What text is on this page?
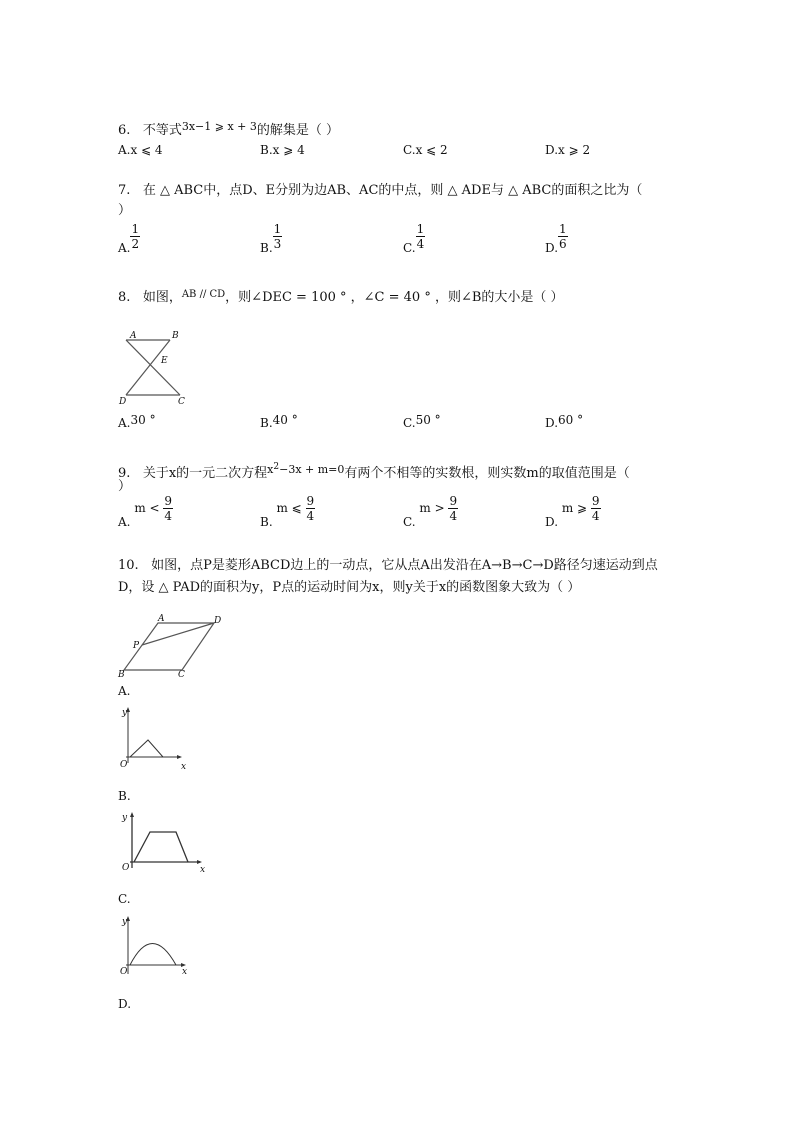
6. 不等式$^{3x-1 ⩾ x + 3}$的解集是（ ）
A.x ⩽ 4	B.x ⩾ 4	C.x ⩽ 2	D.x ⩾ 2
7. 在 △ ABC中，点D、E分别为边AB、AC的中点，则 △ ADE与 △ ABC的面积之比为（
）
A. $\frac{1}{2}$	B. $\frac{1}{3}$	C. $\frac{1}{4}$	D. $\frac{1}{6}$
8. 如图，$^{AB // CD}$，则∠DEC = 100 ° ，∠C = 40 ° ，则∠B的大小是（ ）
A	B
E
D	C
A.30 °	B.40 °	C.50 °	D.60 °
9. 关于x的一元二次方程$^{x^2-3x + m=0}$有两个不相等的实数根，则实数m的取值范围是（
）
A. $m < \frac{9}{4}$	B. m ⩽ $\frac{9}{4}$	C. $m > \frac{9}{4}$	D. m ⩾ $\frac{9}{4}$
10. 如图，点P是菱形ABCD边上的一动点，它从点A出发沿在A→B→C→D路径匀速运动到点
D，设 △ PAD的面积为y，P点的运动时间为x，则y关于x的函数图象大致为（ ）
A	D
P
B	C
A.
y
x
O
B.
y
x
O
C.
y
x
O
D.
